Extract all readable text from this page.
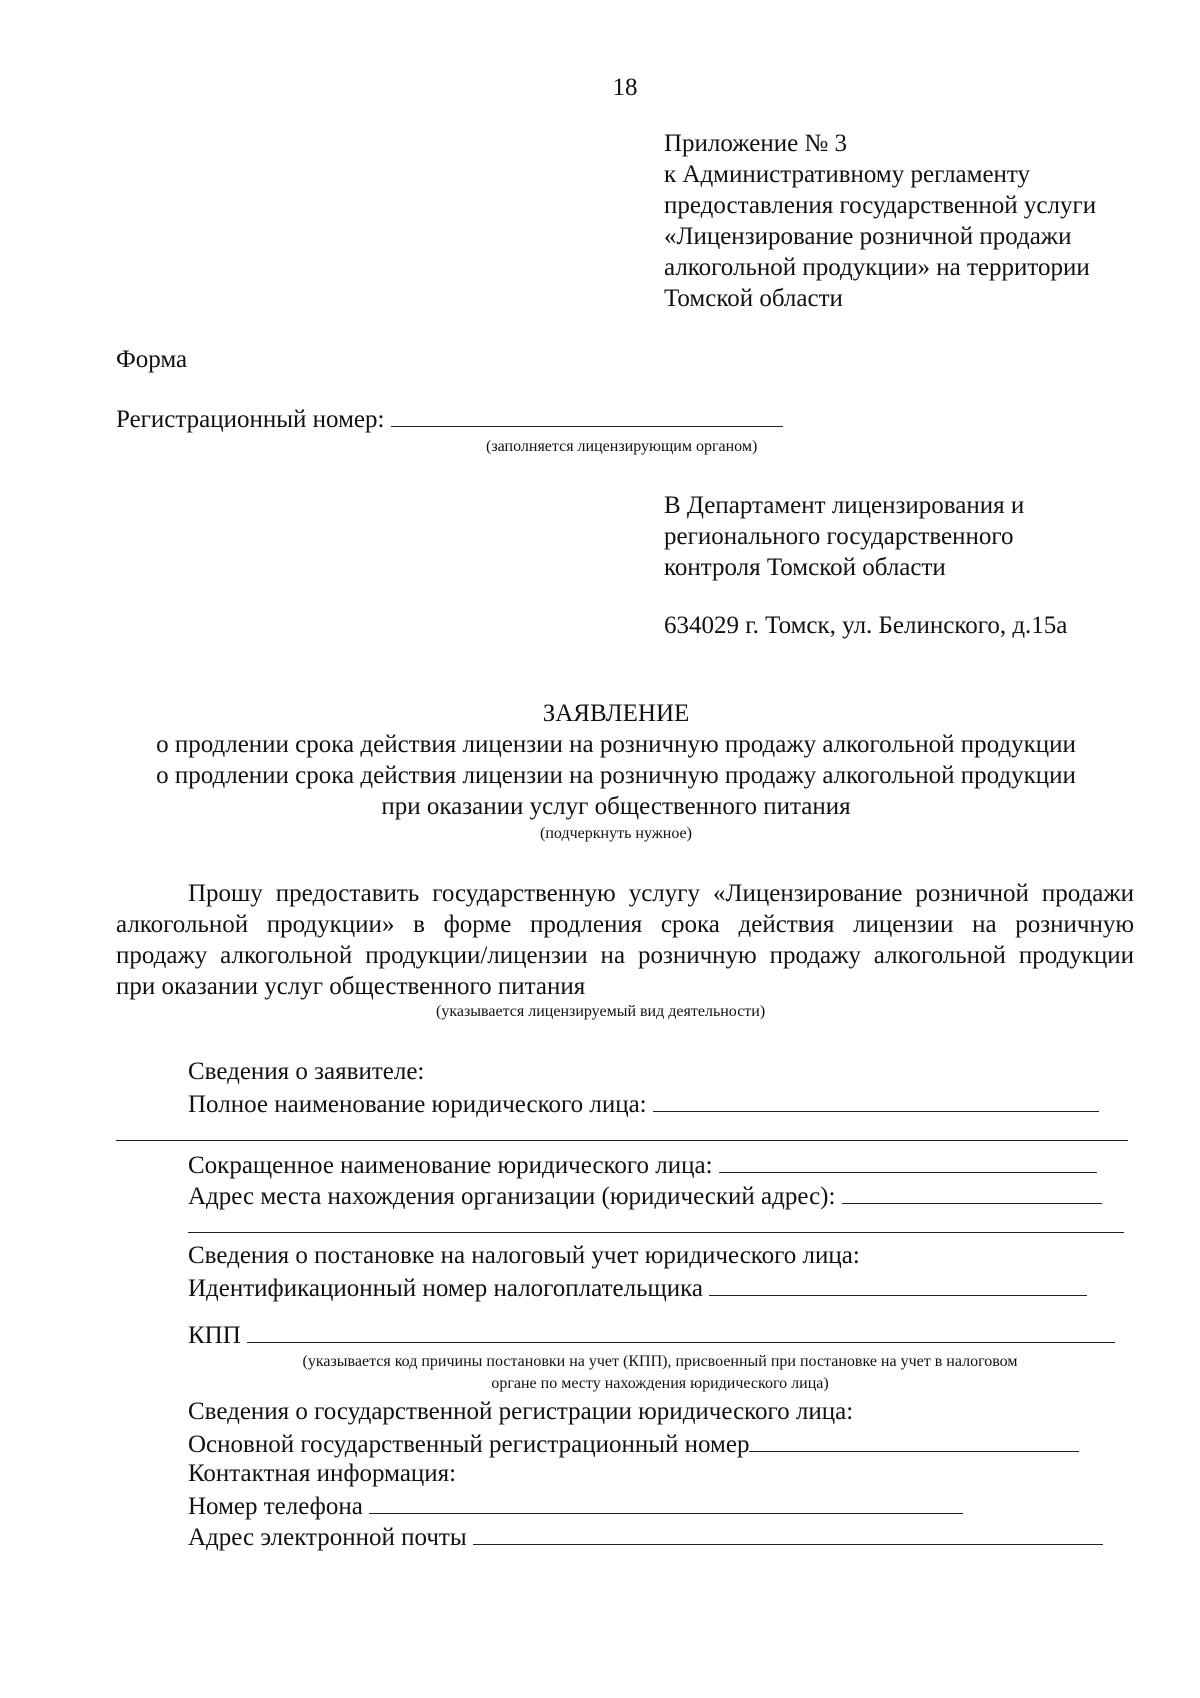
18
Приложение № 3
к Административному регламенту
предоставления государственной услуги
«Лицензирование розничной продажи
алкогольной продукции» на территории
Томской области
Форма
Регистрационный номер:
(заполняется лицензирующим органом)
В Департамент лицензирования и
регионального государственного
контроля Томской области
634029 г. Томск, ул. Белинского, д.15а
ЗАЯВЛЕНИЕ
о продлении срока действия лицензии на розничную продажу алкогольной продукции
о продлении срока действия лицензии на розничную продажу алкогольной продукции
при оказании услуг общественного питания
(подчеркнуть нужное)
Прошу предоставить государственную услугу «Лицензирование розничной продажи
алкогольной продукции» в форме продления срока действия лицензии на розничную
продажу алкогольной продукции/лицензии на розничную продажу алкогольной продукции
при оказании услуг общественного питания
(указывается лицензируемый вид деятельности)
Сведения о заявителе:
Полное наименование юридического лица:
Сокращенное наименование юридического лица:
Адрес места нахождения организации (юридический адрес):
Сведения о постановке на налоговый учет юридического лица:
Идентификационный номер налогоплательщика
КПП
(указывается код причины постановки на учет (КПП), присвоенный при постановке на учет в налоговом
органе по месту нахождения юридического лица)
Сведения о государственной регистрации юридического лица:
Основной государственный регистрационный номер
Контактная информация:
Номер телефона
Адрес электронной почты
